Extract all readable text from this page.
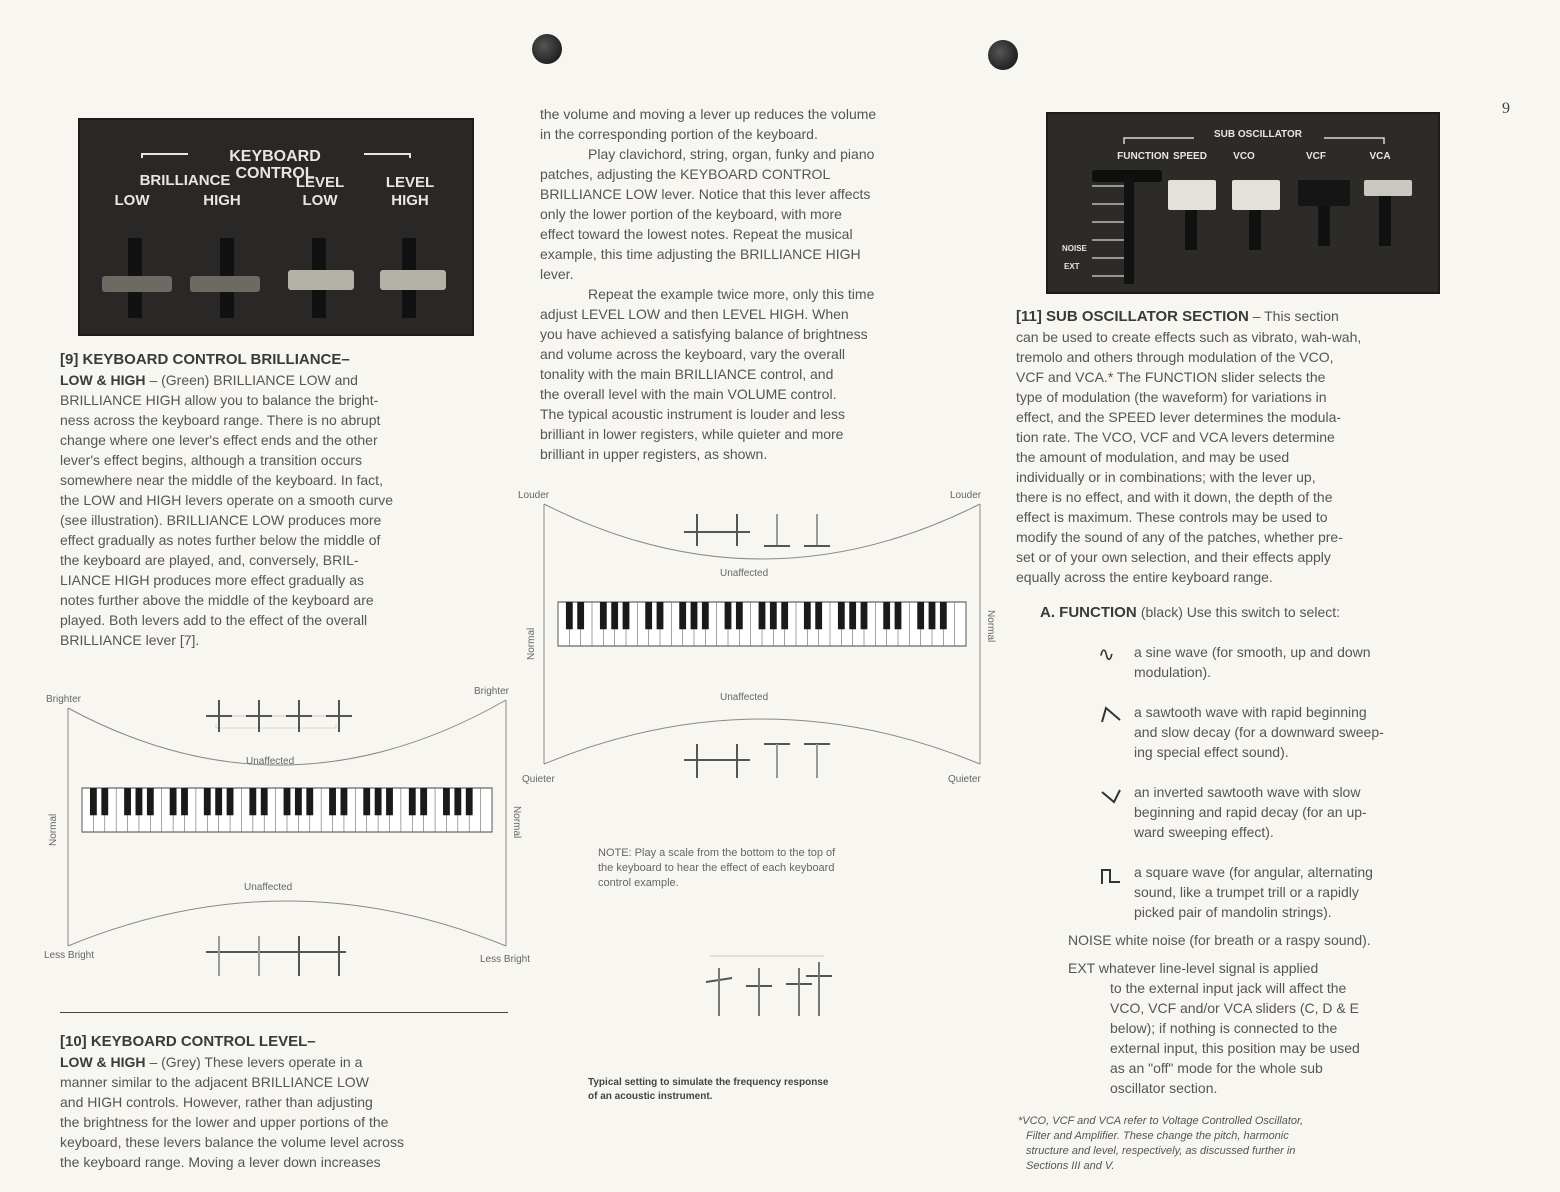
9
KEYBOARD CONTROL
BRILLIANCE
LOW	HIGH
LEVEL
LOW
LEVEL
HIGH
[9] KEYBOARD CONTROL BRILLIANCE–
LOW & HIGH – (Green) BRILLIANCE LOW and
BRILLIANCE HIGH allow you to balance the bright-
ness across the keyboard range. There is no abrupt
change where one lever's effect ends and the other
lever's effect begins, although a transition occurs
somewhere near the middle of the keyboard. In fact,
the LOW and HIGH levers operate on a smooth curve
(see illustration). BRILLIANCE LOW produces more
effect gradually as notes further below the middle of
the keyboard are played, and, conversely, BRIL-
LIANCE HIGH produces more effect gradually as
notes further above the middle of the keyboard are
played. Both levers add to the effect of the overall
BRILLIANCE lever [7].
Brighter
Brighter
Unaffected
Normal	Normal
Unaffected
Less Bright	Less Bright
[10] KEYBOARD CONTROL LEVEL–
LOW & HIGH – (Grey) These levers operate in a
manner similar to the adjacent BRILLIANCE LOW
and HIGH controls. However, rather than adjusting
the brightness for the lower and upper portions of the
keyboard, these levers balance the volume level across
the keyboard range. Moving a lever down increases
the volume and moving a lever up reduces the volume
in the corresponding portion of the keyboard.
Play clavichord, string, organ, funky and piano
patches, adjusting the KEYBOARD CONTROL
BRILLIANCE LOW lever. Notice that this lever affects
only the lower portion of the keyboard, with more
effect toward the lowest notes. Repeat the musical
example, this time adjusting the BRILLIANCE HIGH
lever.
Repeat the example twice more, only this time
adjust LEVEL LOW and then LEVEL HIGH. When
you have achieved a satisfying balance of brightness
and volume across the keyboard, vary the overall
tonality with the main BRILLIANCE control, and
the overall level with the main VOLUME control.
The typical acoustic instrument is louder and less
brilliant in lower registers, while quieter and more
brilliant in upper registers, as shown.
Louder	Louder
Unaffected
Normal
Normal
Unaffected
Quieter	Quieter
NOTE: Play a scale from the bottom to the top of
the keyboard to hear the effect of each keyboard
control example.
Typical setting to simulate the frequency response
of an acoustic instrument.
SUB OSCILLATOR
FUNCTION SPEED	VCO	VCF	VCA
NOISE
EXT
[11] SUB OSCILLATOR SECTION – This section
can be used to create effects such as vibrato, wah-wah,
tremolo and others through modulation of the VCO,
VCF and VCA.* The FUNCTION slider selects the
type of modulation (the waveform) for variations in
effect, and the SPEED lever determines the modula-
tion rate. The VCO, VCF and VCA levers determine
the amount of modulation, and may be used
individually or in combinations; with the lever up,
there is no effect, and with it down, the depth of the
effect is maximum. These controls may be used to
modify the sound of any of the patches, whether pre-
set or of your own selection, and their effects apply
equally across the entire keyboard range.
A. FUNCTION (black) Use this switch to select:
∿ a sine wave (for smooth, up and down
modulation).
a sawtooth wave with rapid beginning
and slow decay (for a downward sweep-
ing special effect sound).
an inverted sawtooth wave with slow
beginning and rapid decay (for an up-
ward sweeping effect).
a square wave (for angular, alternating
sound, like a trumpet trill or a rapidly
picked pair of mandolin strings).
NOISE white noise (for breath or a raspy sound).
EXT whatever line-level signal is applied
to the external input jack will affect the
VCO, VCF and/or VCA sliders (C, D & E
below); if nothing is connected to the
external input, this position may be used
as an "off" mode for the whole sub
oscillator section.
*VCO, VCF and VCA refer to Voltage Controlled Oscillator,
Filter and Amplifier. These change the pitch, harmonic
structure and level, respectively, as discussed further in
Sections III and V.
